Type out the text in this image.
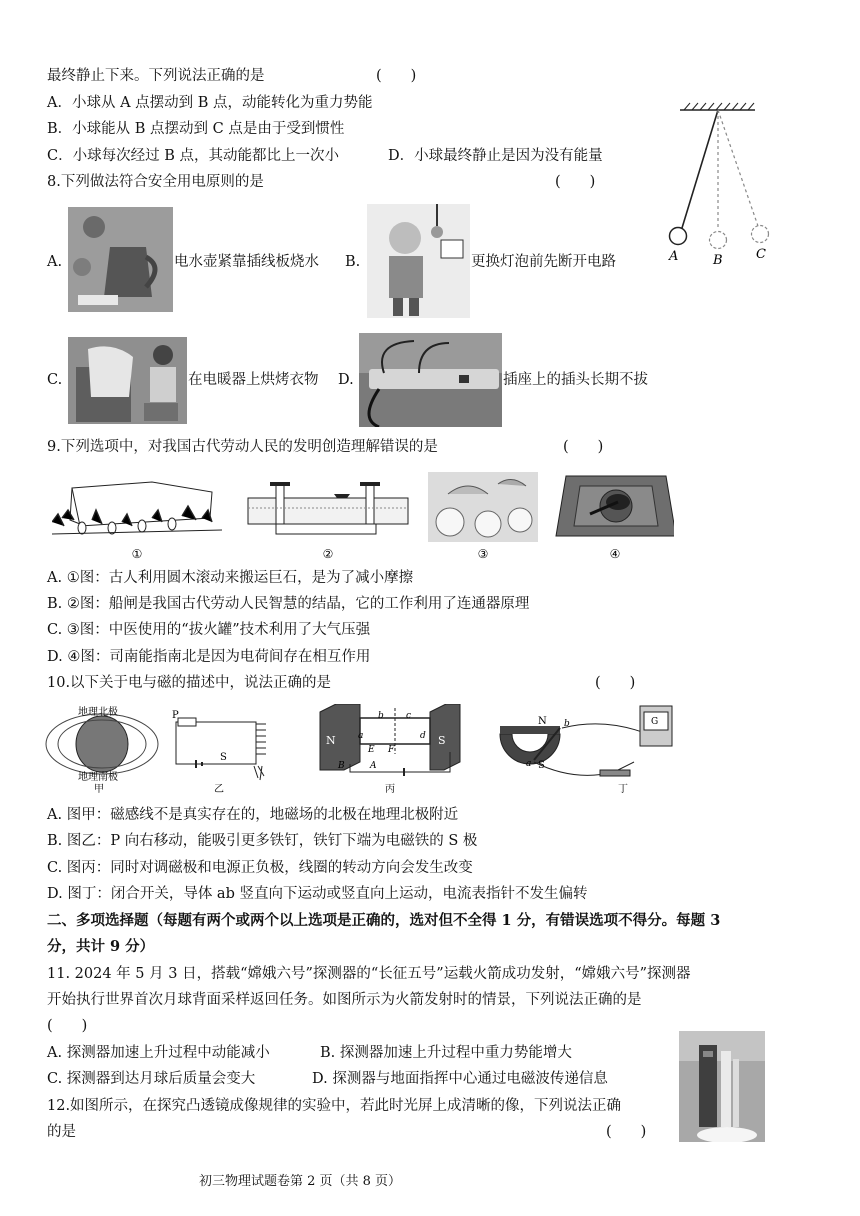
最终静止下来。下列说法正确的是	(　　)
A．小球从 A 点摆动到 B 点，动能转化为重力势能
B．小球能从 B 点摆动到 C 点是由于受到惯性
C．小球每次经过 B 点，其动能都比上一次小	D．小球最终静止是因为没有能量
A	B	C
8.下列做法符合安全用电原则的是	(　　)
A.	电水壶紧靠插线板烧水 B.	更换灯泡前先断开电路
C.	在电暖器上烘烤衣物 D.	插座上的插头长期不拔
9.下列选项中，对我国古代劳动人民的发明创造理解错误的是	(　　)
①	②	③	④
A. ①图：古人利用圆木滚动来搬运巨石，是为了减小摩擦
B. ②图：船闸是我国古代劳动人民智慧的结晶，它的工作利用了连通器原理
C. ③图：中医使用的“拔火罐”技术利用了大气压强
D. ④图：司南能指南北是因为电荷间存在相互作用
10.以下关于电与磁的描述中，说法正确的是	(　　)
地理北极
地理南极
甲
P
S
乙
N	S
a
b c
d
F
E
B	A
丙
N
S
a
b	G
丁
A. 图甲：磁感线不是真实存在的，地磁场的北极在地理北极附近
B. 图乙：P 向右移动，能吸引更多铁钉，铁钉下端为电磁铁的 S 极
C. 图丙：同时对调磁极和电源正负极，线圈的转动方向会发生改变
D. 图丁：闭合开关，导体 ab 竖直向下运动或竖直向上运动，电流表指针不发生偏转
二、多项选择题（每题有两个或两个以上选项是正确的，选对但不全得 1 分，有错误选项不得分。每题 3
分，共计 9 分）
11. 2024 年 5 月 3 日，搭载“嫦娥六号”探测器的“长征五号”运载火箭成功发射，“嫦娥六号”探测器
开始执行世界首次月球背面采样返回任务。如图所示为火箭发射时的情景，下列说法正确的是
(　　)
A. 探测器加速上升过程中动能减小	B. 探测器加速上升过程中重力势能增大
C. 探测器到达月球后质量会变大	D. 探测器与地面指挥中心通过电磁波传递信息
12.如图所示，在探究凸透镜成像规律的实验中，若此时光屏上成清晰的像，下列说法正确
的是	(　　)
初三物理试题卷第 2 页（共 8 页）
